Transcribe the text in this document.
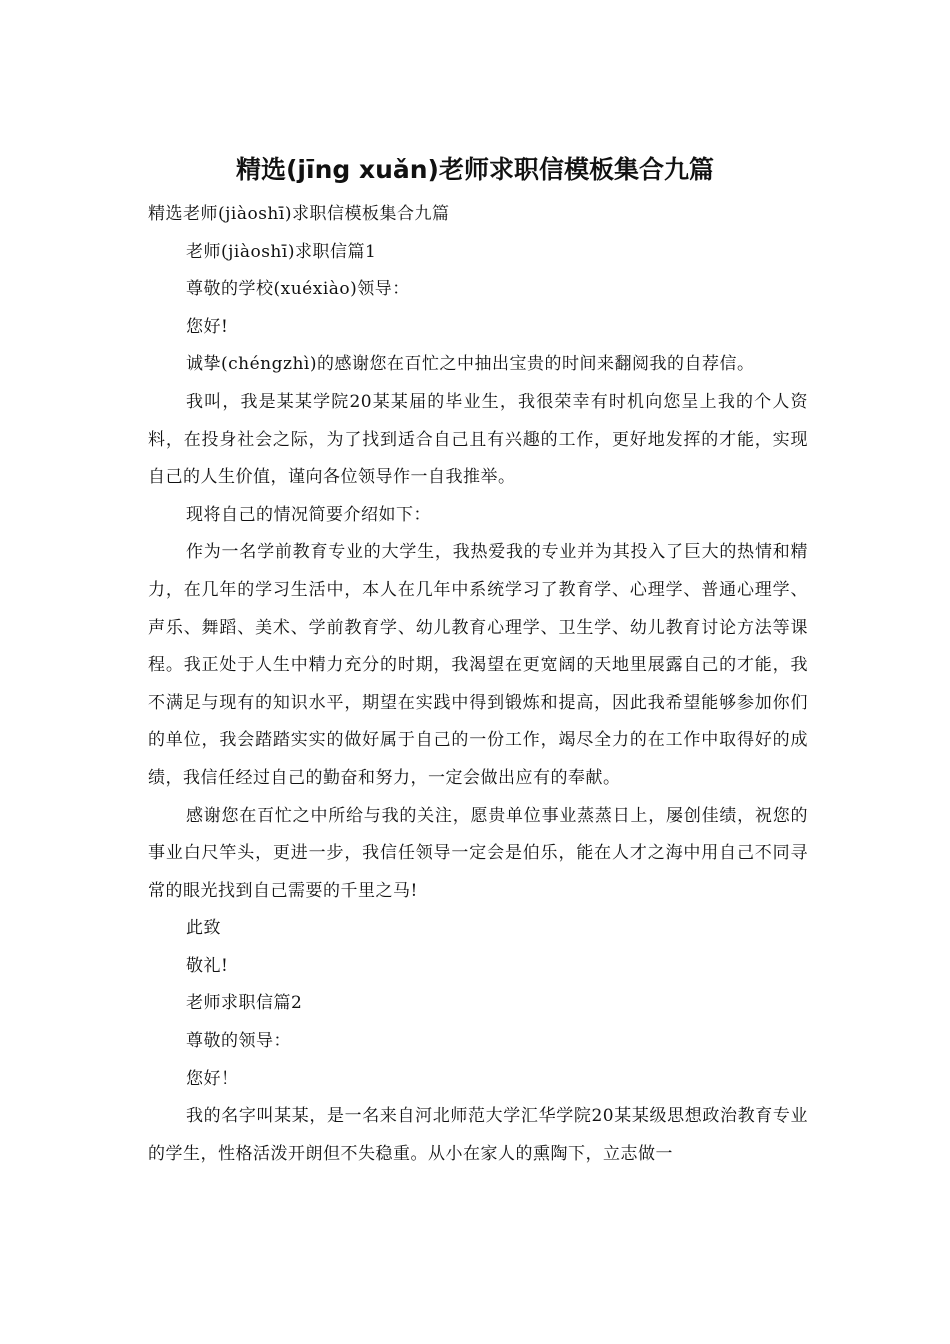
精选(jīng xuǎn)老师求职信模板集合九篇

精选老师(jiàoshī)求职信模板集合九篇

老师(jiàoshī)求职信篇1

尊敬的学校(xuéxiào)领导：

您好!

诚挚(chéngzhì)的感谢您在百忙之中抽出宝贵的时间来翻阅我的自荐信。

我叫，我是某某学院20某某届的毕业生，我很荣幸有时机向您呈上我的个人资料，在投身社会之际，为了找到适合自己且有兴趣的工作，更好地发挥的才能，实现自己的人生价值，谨向各位领导作一自我推举。

现将自己的情况简要介绍如下：

作为一名学前教育专业的大学生，我热爱我的专业并为其投入了巨大的热情和精力，在几年的学习生活中，本人在几年中系统学习了教育学、心理学、普通心理学、声乐、舞蹈、美术、学前教育学、幼儿教育心理学、卫生学、幼儿教育讨论方法等课程。我正处于人生中精力充分的时期，我渴望在更宽阔的天地里展露自己的才能，我不满足与现有的知识水平，期望在实践中得到锻炼和提高，因此我希望能够参加你们的单位，我会踏踏实实的做好属于自己的一份工作，竭尽全力的在工作中取得好的成绩，我信任经过自己的勤奋和努力，一定会做出应有的奉献。

感谢您在百忙之中所给与我的关注，愿贵单位事业蒸蒸日上，屡创佳绩，祝您的事业白尺竿头，更进一步，我信任领导一定会是伯乐，能在人才之海中用自己不同寻常的眼光找到自己需要的千里之马!

此致

敬礼!

老师求职信篇2

尊敬的领导：

您好！

我的名字叫某某，是一名来自河北师范大学汇华学院20某某级思想政治教育专业的学生，性格活泼开朗但不失稳重。从小在家人的熏陶下，立志做一
